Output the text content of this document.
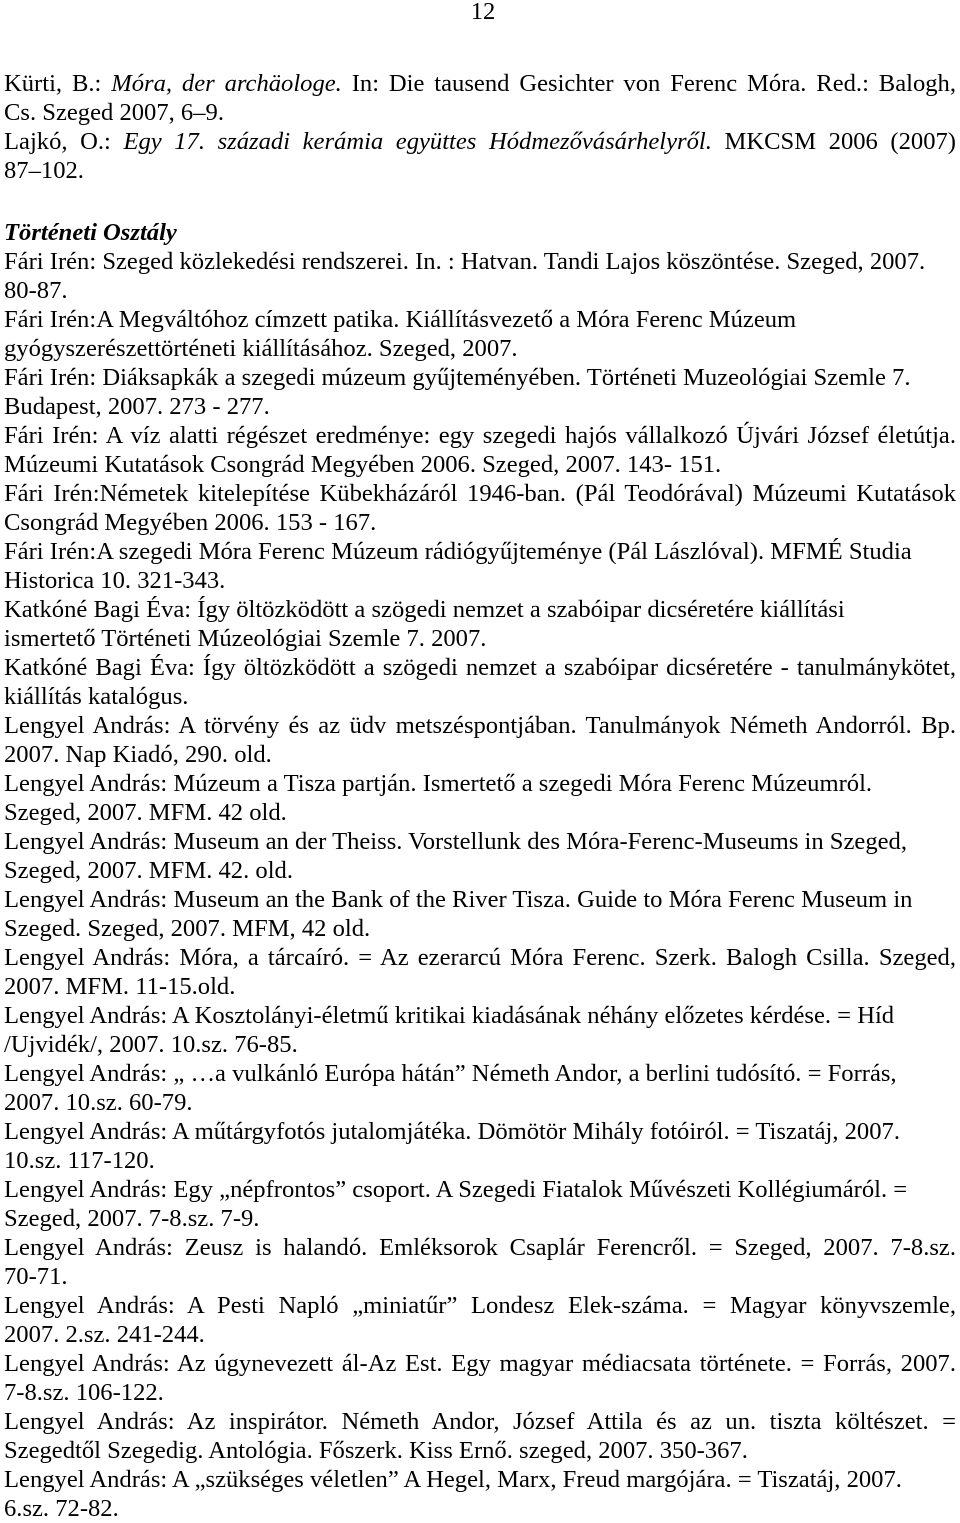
12
Kürti, B.: Móra, der archäologe. In: Die tausend Gesichter von Ferenc Móra. Red.: Balogh,
Cs. Szeged 2007, 6–9.
Lajkó, O.: Egy 17. századi kerámia együttes Hódmezővásárhelyről. MKCSM 2006 (2007)
87–102.
Történeti Osztály
Fári Irén: Szeged közlekedési rendszerei. In. : Hatvan. Tandi Lajos köszöntése. Szeged, 2007.
80-87.
Fári Irén:A Megváltóhoz címzett patika. Kiállításvezető a Móra Ferenc Múzeum
gyógyszerészettörténeti kiállításához. Szeged, 2007.
Fári Irén: Diáksapkák a szegedi múzeum gyűjteményében. Történeti Muzeológiai Szemle 7.
Budapest, 2007. 273 - 277.
Fári Irén: A víz alatti régészet eredménye: egy szegedi hajós vállalkozó Újvári József életútja.
Múzeumi Kutatások Csongrád Megyében 2006. Szeged, 2007. 143- 151.
Fári Irén:Németek kitelepítése Kübekházáról 1946-ban. (Pál Teodórával) Múzeumi Kutatások
Csongrád Megyében 2006. 153 - 167.
Fári Irén:A szegedi Móra Ferenc Múzeum rádiógyűjteménye (Pál Lászlóval). MFMÉ Studia
Historica 10. 321-343.
Katkóné Bagi Éva: Így öltözködött a szögedi nemzet a szabóipar dicséretére kiállítási
ismertető Történeti Múzeológiai Szemle 7. 2007.
Katkóné Bagi Éva: Így öltözködött a szögedi nemzet a szabóipar dicséretére - tanulmánykötet,
kiállítás katalógus.
Lengyel András: A törvény és az üdv metszéspontjában. Tanulmányok Németh Andorról. Bp.
2007. Nap Kiadó, 290. old.
Lengyel András: Múzeum a Tisza partján. Ismertető a szegedi Móra Ferenc Múzeumról.
Szeged, 2007. MFM. 42 old.
Lengyel András: Museum an der Theiss. Vorstellunk des Móra-Ferenc-Museums in Szeged,
Szeged, 2007. MFM. 42. old.
Lengyel András: Museum an the Bank of the River Tisza. Guide to Móra Ferenc Museum in
Szeged. Szeged, 2007. MFM, 42 old.
Lengyel András: Móra, a tárcaíró. = Az ezerarcú Móra Ferenc. Szerk. Balogh Csilla. Szeged,
2007. MFM. 11-15.old.
Lengyel András: A Kosztolányi-életmű kritikai kiadásának néhány előzetes kérdése. = Híd
/Ujvidék/, 2007. 10.sz. 76-85.
Lengyel András: „ …a vulkánló Európa hátán” Németh Andor, a berlini tudósító. = Forrás,
2007. 10.sz. 60-79.
Lengyel András: A műtárgyfotós jutalomjátéka. Dömötör Mihály fotóiról. = Tiszatáj, 2007.
10.sz. 117-120.
Lengyel András: Egy „népfrontos” csoport. A Szegedi Fiatalok Művészeti Kollégiumáról. =
Szeged, 2007. 7-8.sz. 7-9.
Lengyel András: Zeusz is halandó. Emléksorok Csaplár Ferencről. = Szeged, 2007. 7-8.sz.
70-71.
Lengyel András: A Pesti Napló „miniatűr” Londesz Elek-száma. = Magyar könyvszemle,
2007. 2.sz. 241-244.
Lengyel András: Az úgynevezett ál-Az Est. Egy magyar médiacsata története. = Forrás, 2007.
7-8.sz. 106-122.
Lengyel András: Az inspirátor. Németh Andor, József Attila és az un. tiszta költészet. =
Szegedtől Szegedig. Antológia. Főszerk. Kiss Ernő. szeged, 2007. 350-367.
Lengyel András: A „szükséges véletlen” A Hegel, Marx, Freud margójára. = Tiszatáj, 2007.
6.sz. 72-82.
